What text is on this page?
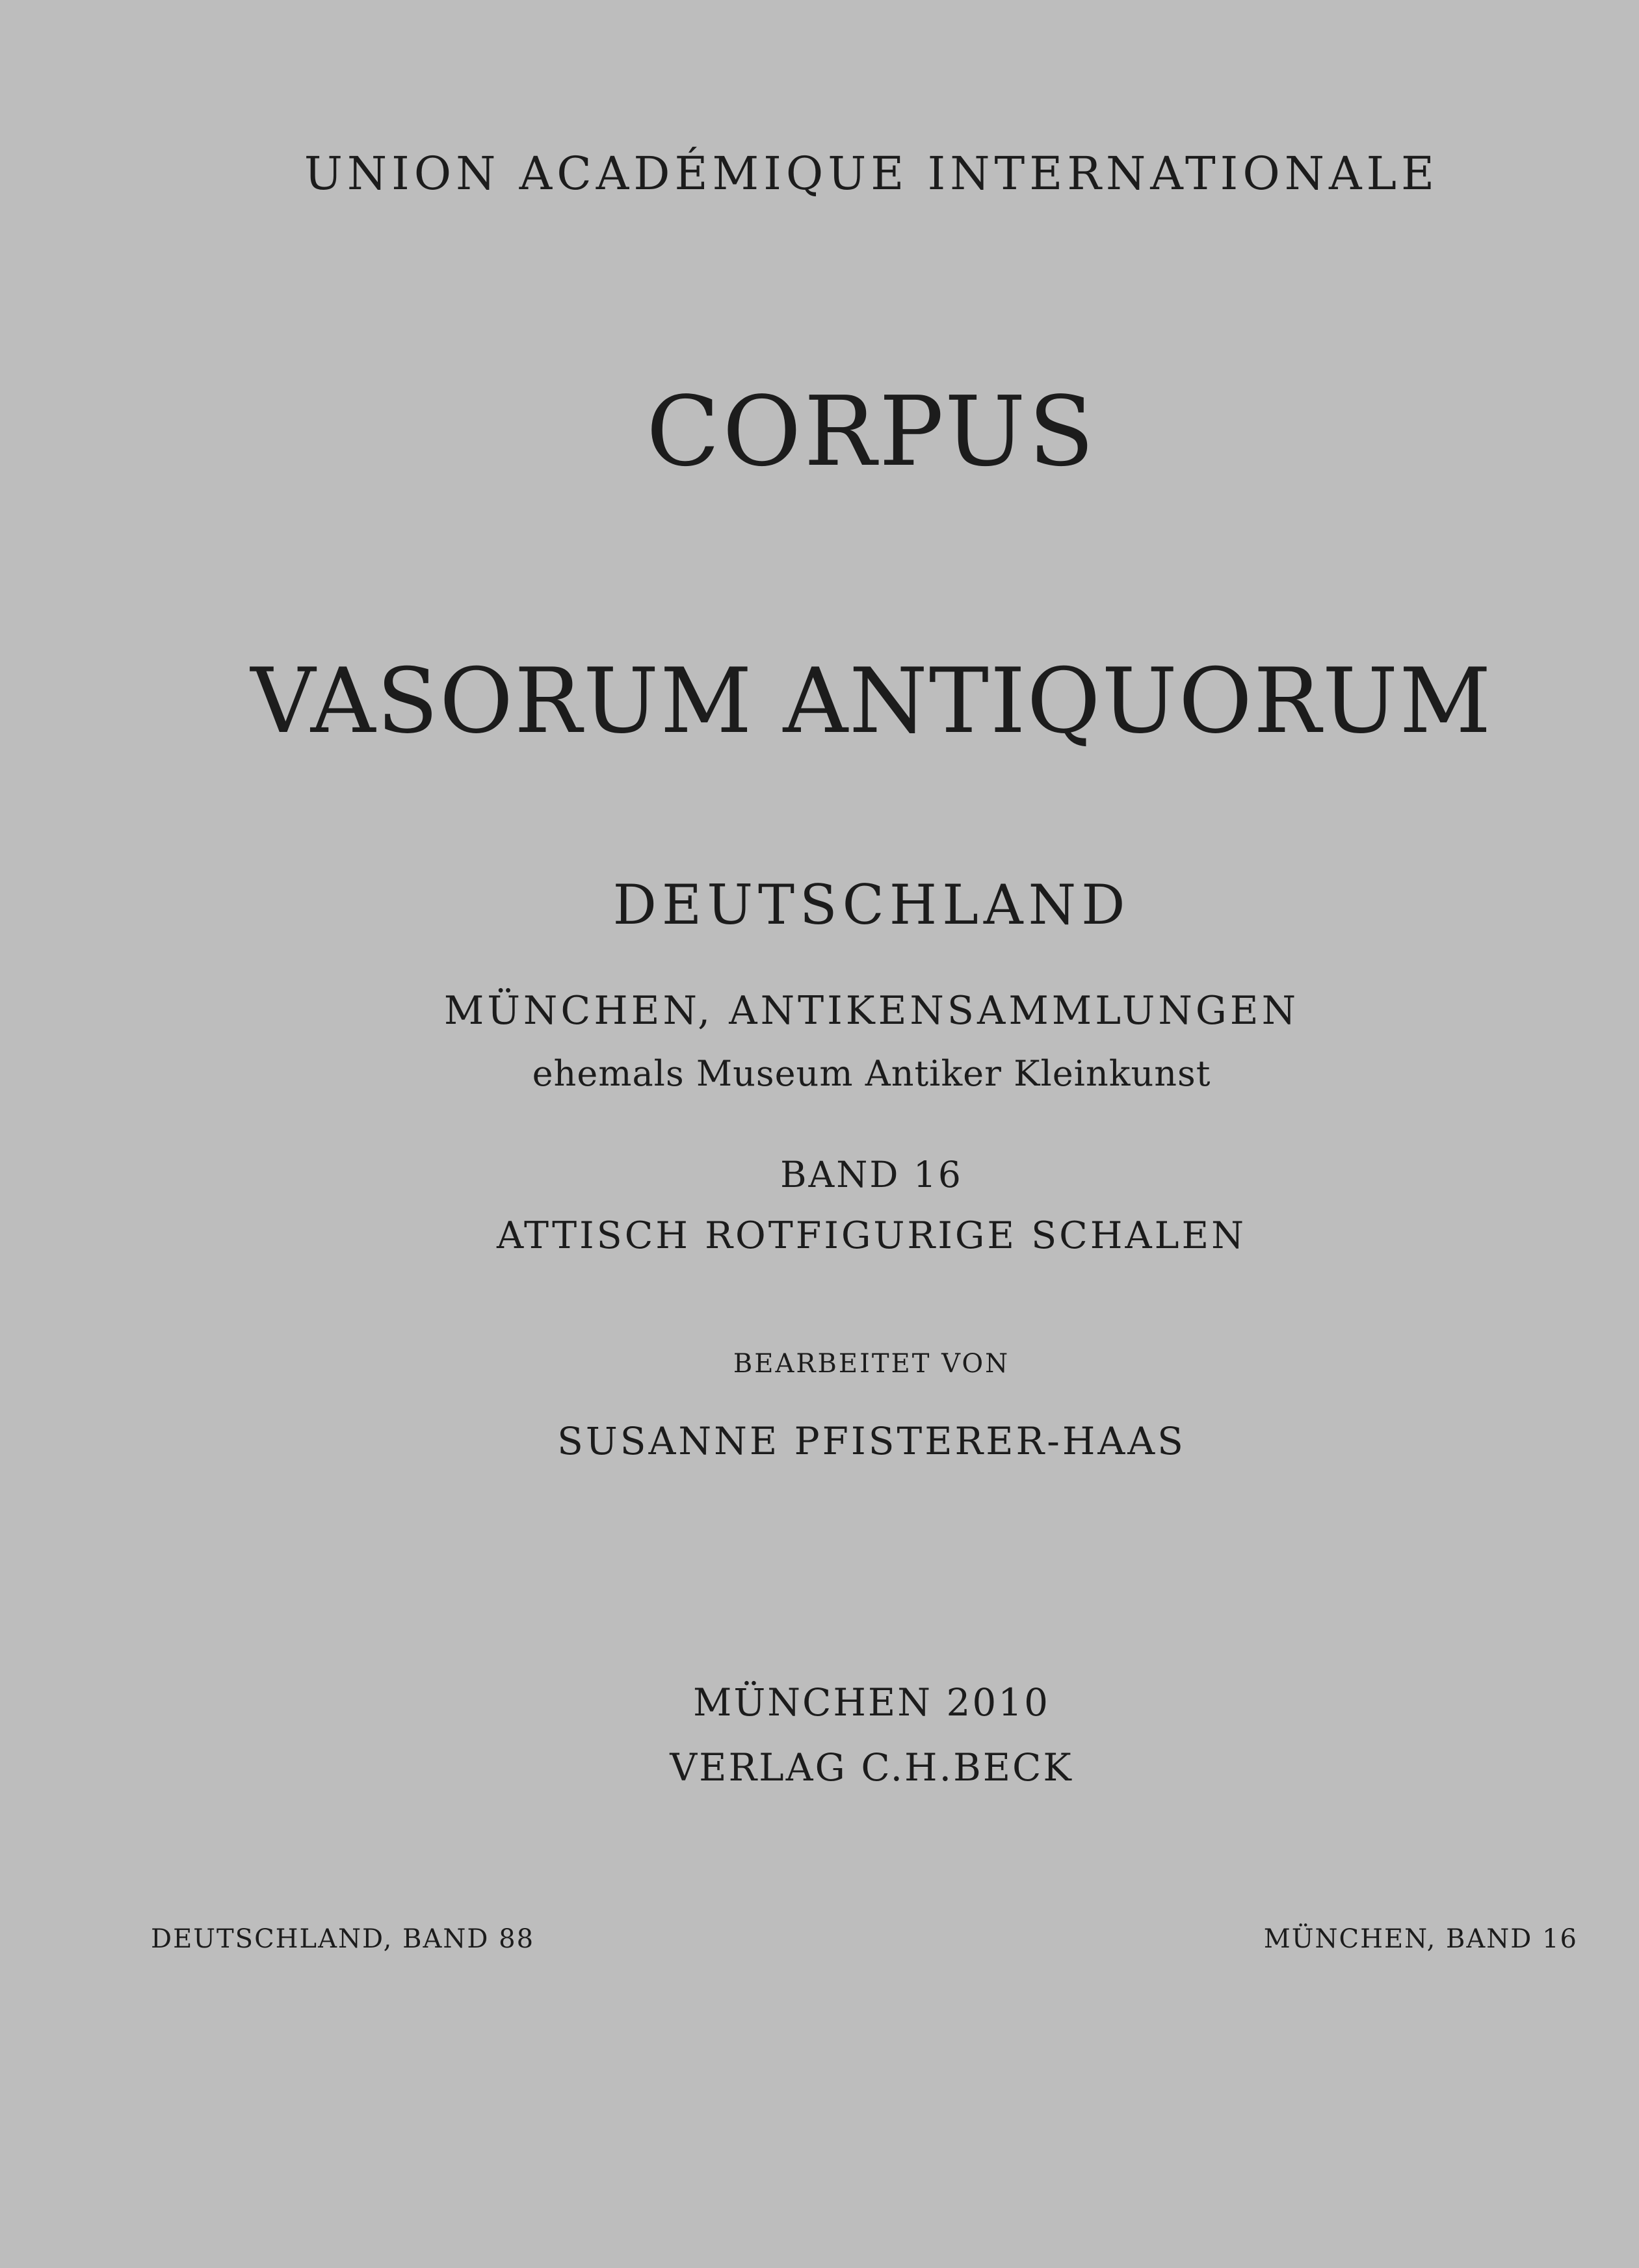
UNION ACADÉMIQUE INTERNATIONALE
CORPUS
VASORUM ANTIQUORUM
DEUTSCHLAND
MÜNCHEN, ANTIKENSAMMLUNGEN
ehemals Museum Antiker Kleinkunst
BAND 16
ATTISCH ROTFIGURIGE SCHALEN
BEARBEITET VON
SUSANNE PFISTERER-HAAS
MÜNCHEN 2010
VERLAG C.H.BECK
DEUTSCHLAND, BAND 88	MÜNCHEN, BAND 16
